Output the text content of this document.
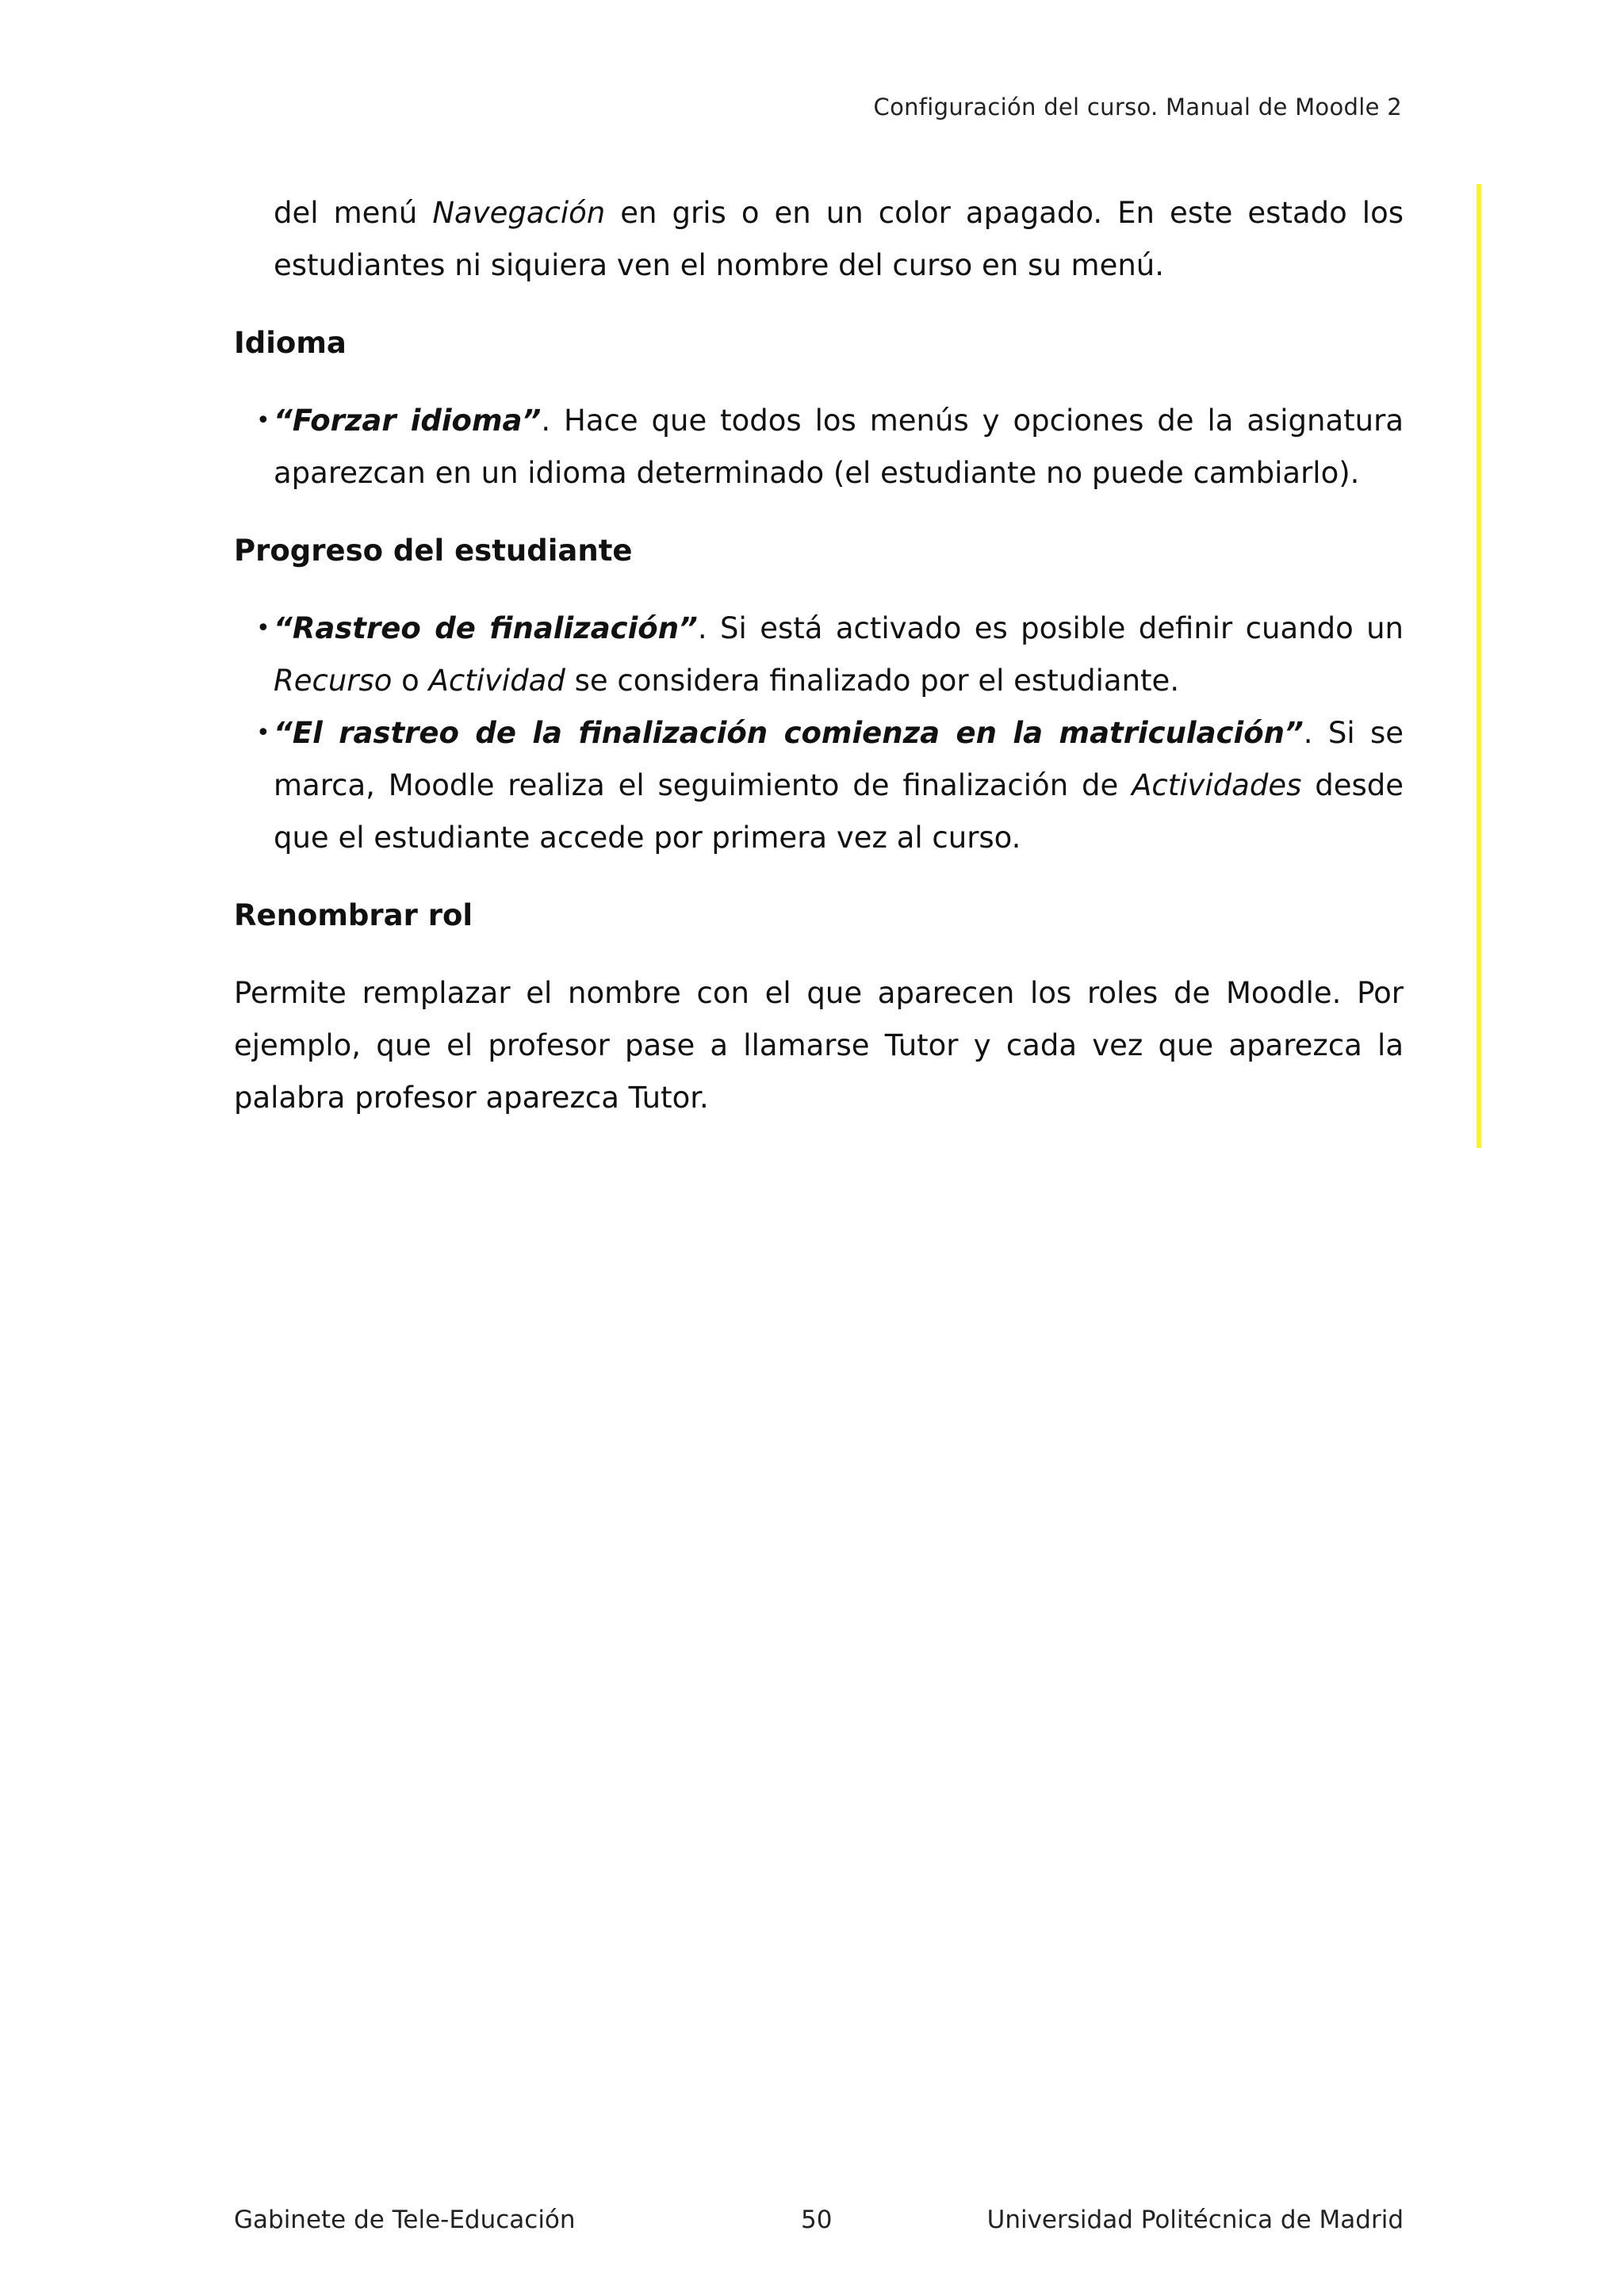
Configuración del curso. Manual de Moodle 2

del menú Navegación en gris o en un color apagado. En este estado los estudiantes ni siquiera ven el nombre del curso en su menú.

Idioma
• “Forzar idioma”. Hace que todos los menús y opciones de la asignatura aparezcan en un idioma determinado (el estudiante no puede cambiarlo).
Progreso del estudiante
• “Rastreo de finalización”. Si está activado es posible definir cuando un Recurso o Actividad se considera finalizado por el estudiante.
• “El rastreo de la finalización comienza en la matriculación”. Si se marca, Moodle realiza el seguimiento de finalización de Actividades desde que el estudiante accede por primera vez al curso.
Renombrar rol

Permite remplazar el nombre con el que aparecen los roles de Moodle. Por ejemplo, que el profesor pase a llamarse Tutor y cada vez que aparezca la palabra profesor aparezca Tutor.

Gabinete de Tele-Educación	50	Universidad Politécnica de Madrid
